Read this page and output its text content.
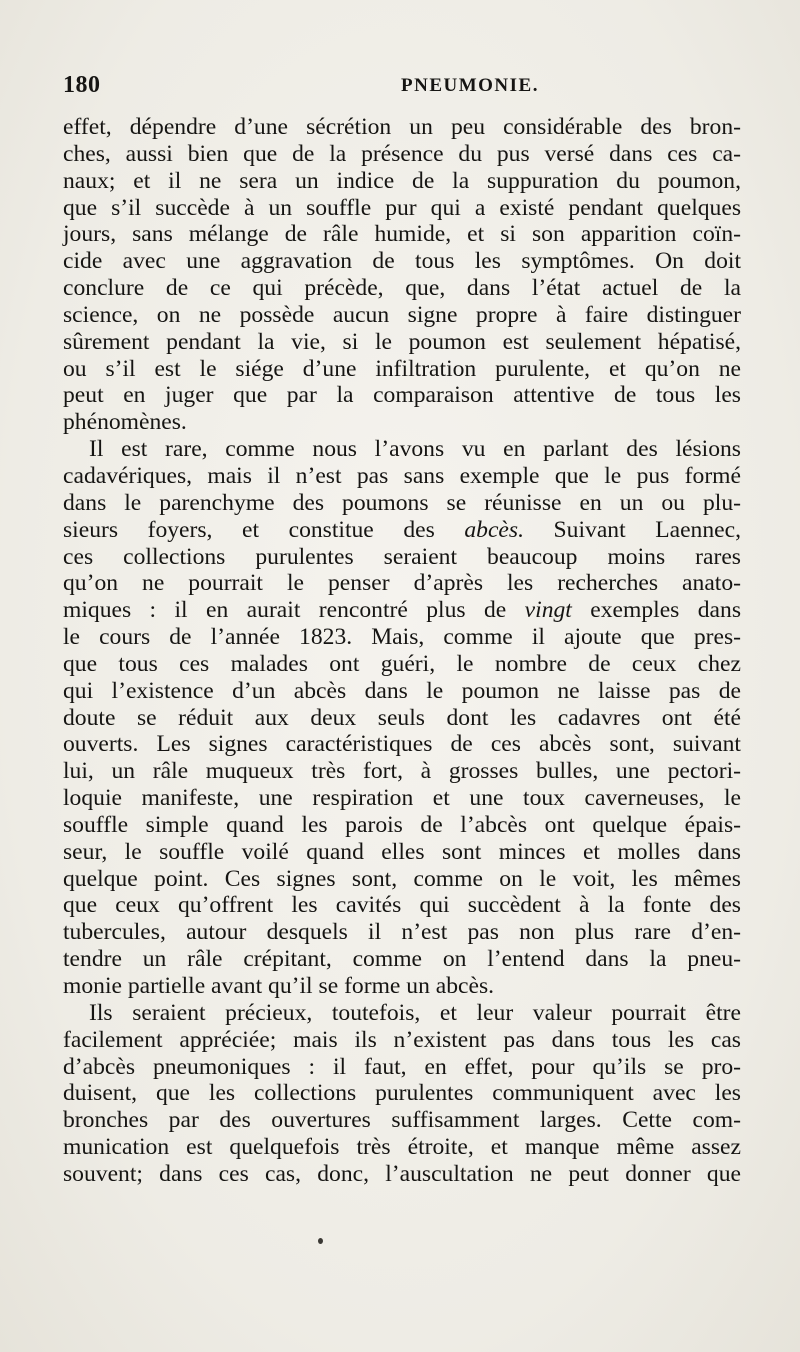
180	PNEUMONIE.
effet, dépendre d’une sécrétion un peu considérable des bron-
ches, aussi bien que de la présence du pus versé dans ces ca-
naux; et il ne sera un indice de la suppuration du poumon,
que s’il succède à un souffle pur qui a existé pendant quelques
jours, sans mélange de râle humide, et si son apparition coïn-
cide avec une aggravation de tous les symptômes. On doit
conclure de ce qui précède, que, dans l’état actuel de la
science, on ne possède aucun signe propre à faire distinguer
sûrement pendant la vie, si le poumon est seulement hépatisé,
ou s’il est le siége d’une infiltration purulente, et qu’on ne
peut en juger que par la comparaison attentive de tous les
phénomènes.
Il est rare, comme nous l’avons vu en parlant des lésions
cadavériques, mais il n’est pas sans exemple que le pus formé
dans le parenchyme des poumons se réunisse en un ou plu-
sieurs foyers, et constitue des abcès. Suivant Laennec,
ces collections purulentes seraient beaucoup moins rares
qu’on ne pourrait le penser d’après les recherches anato-
miques : il en aurait rencontré plus de vingt exemples dans
le cours de l’année 1823. Mais, comme il ajoute que pres-
que tous ces malades ont guéri, le nombre de ceux chez
qui l’existence d’un abcès dans le poumon ne laisse pas de
doute se réduit aux deux seuls dont les cadavres ont été
ouverts. Les signes caractéristiques de ces abcès sont, suivant
lui, un râle muqueux très fort, à grosses bulles, une pectori-
loquie manifeste, une respiration et une toux caverneuses, le
souffle simple quand les parois de l’abcès ont quelque épais-
seur, le souffle voilé quand elles sont minces et molles dans
quelque point. Ces signes sont, comme on le voit, les mêmes
que ceux qu’offrent les cavités qui succèdent à la fonte des
tubercules, autour desquels il n’est pas non plus rare d’en-
tendre un râle crépitant, comme on l’entend dans la pneu-
monie partielle avant qu’il se forme un abcès.
Ils seraient précieux, toutefois, et leur valeur pourrait être
facilement appréciée; mais ils n’existent pas dans tous les cas
d’abcès pneumoniques : il faut, en effet, pour qu’ils se pro-
duisent, que les collections purulentes communiquent avec les
bronches par des ouvertures suffisamment larges. Cette com-
munication est quelquefois très étroite, et manque même assez
souvent; dans ces cas, donc, l’auscultation ne peut donner que
